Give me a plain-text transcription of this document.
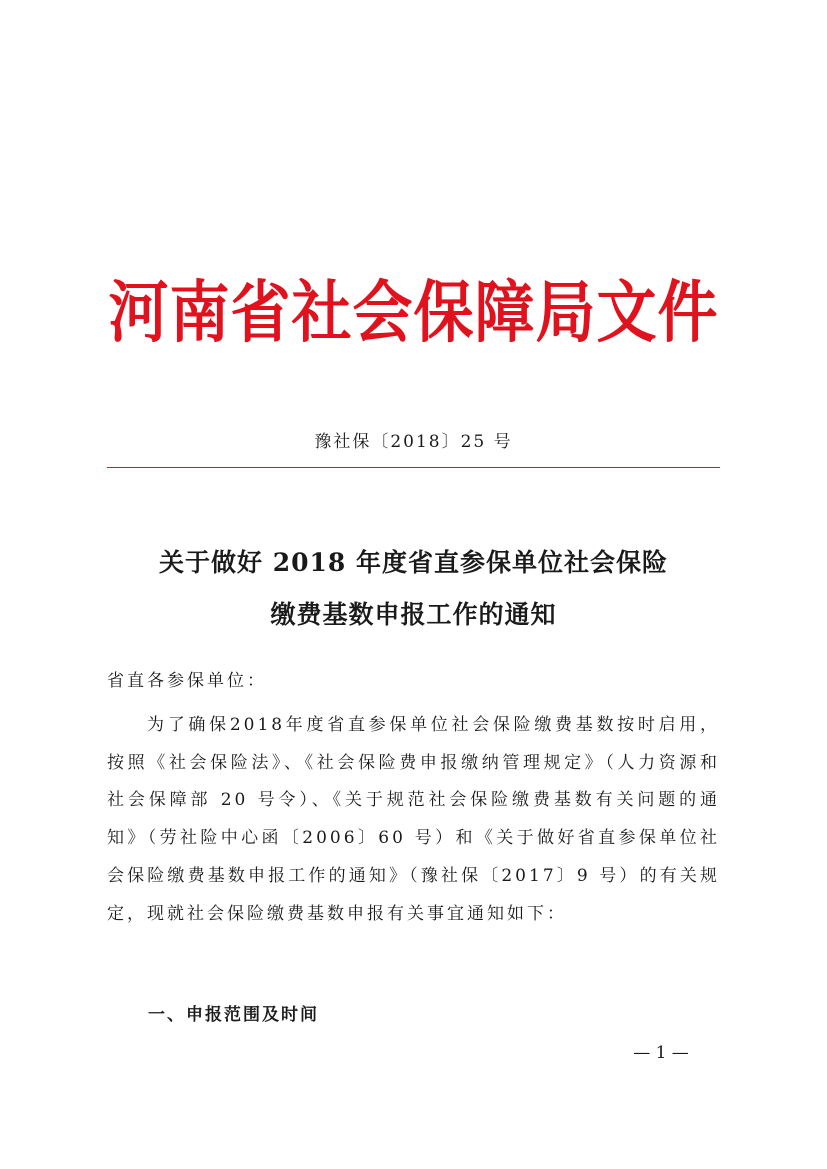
河南省社会保障局文件
豫社保〔2018〕25 号
关于做好 2018 年度省直参保单位社会保险
缴费基数申报工作的通知
省直各参保单位：

为了确保2018年度省直参保单位社会保险缴费基数按时启用，按照《社会保险法》、《社会保险费申报缴纳管理规定》（人力资源和社会保障部 20 号令）、《关于规范社会保险缴费基数有关问题的通知》（劳社险中心函〔2006〕60 号）和《关于做好省直参保单位社会保险缴费基数申报工作的通知》（豫社保〔2017〕9 号）的有关规定，现就社会保险缴费基数申报有关事宜通知如下：

一、申报范围及时间
— 1 —
